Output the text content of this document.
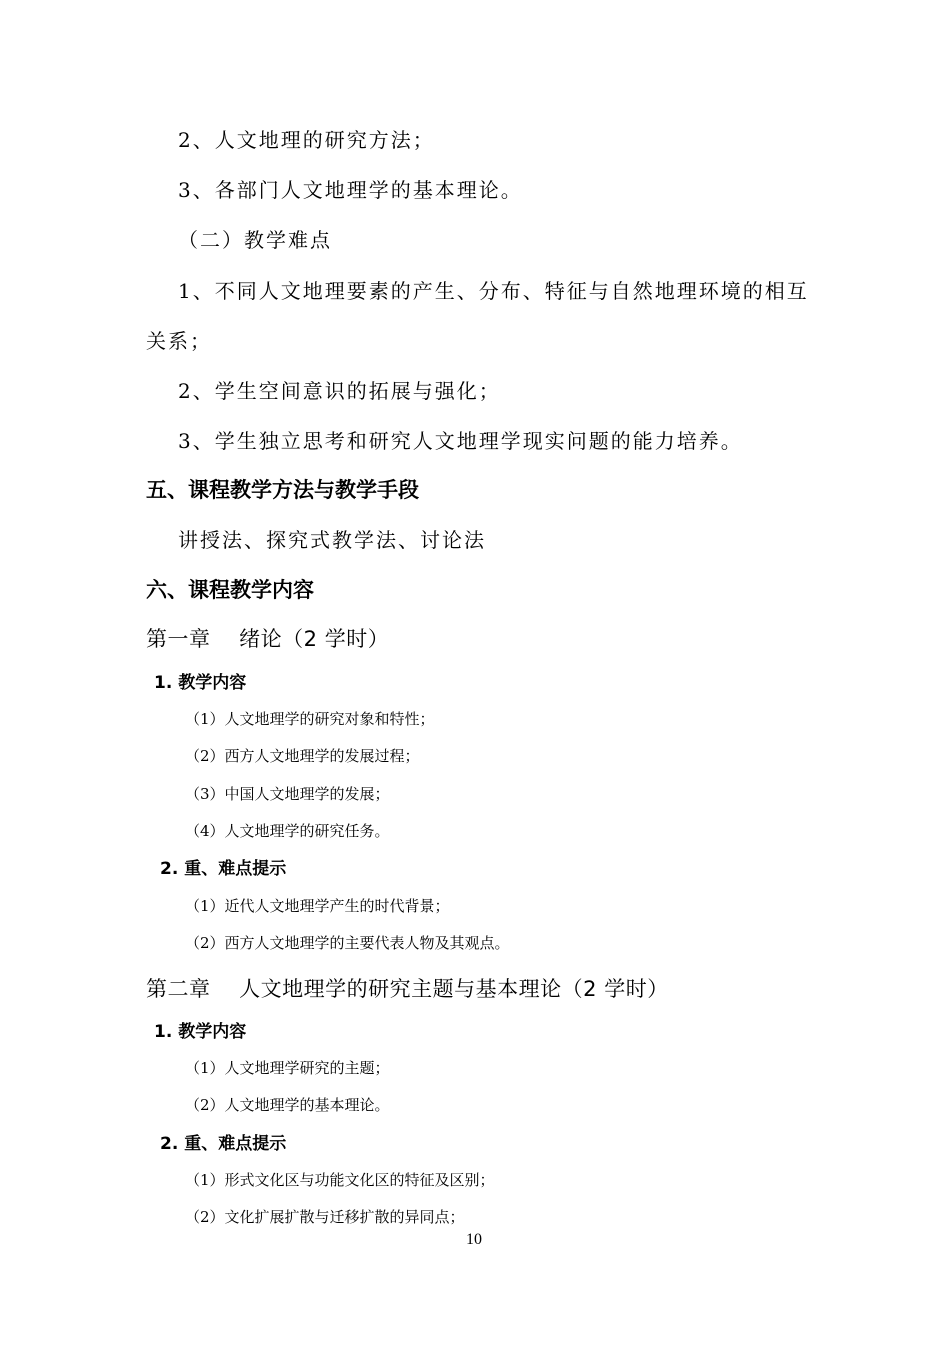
2、人文地理的研究方法；
3、各部门人文地理学的基本理论。
（二）教学难点
1、不同人文地理要素的产生、分布、特征与自然地理环境的相互
关系；
2、学生空间意识的拓展与强化；
3、学生独立思考和研究人文地理学现实问题的能力培养。
五、课程教学方法与教学手段
讲授法、探究式教学法、讨论法
六、课程教学内容
第一章　 绪论（2 学时）
1. 教学内容
（1）人文地理学的研究对象和特性；
（2）西方人文地理学的发展过程；
（3）中国人文地理学的发展；
（4）人文地理学的研究任务。
2. 重、难点提示
（1）近代人文地理学产生的时代背景；
（2）西方人文地理学的主要代表人物及其观点。
第二章　 人文地理学的研究主题与基本理论（2 学时）
1. 教学内容
（1）人文地理学研究的主题；
（2）人文地理学的基本理论。
2. 重、难点提示
（1）形式文化区与功能文化区的特征及区别；
（2）文化扩展扩散与迁移扩散的异同点；
10
